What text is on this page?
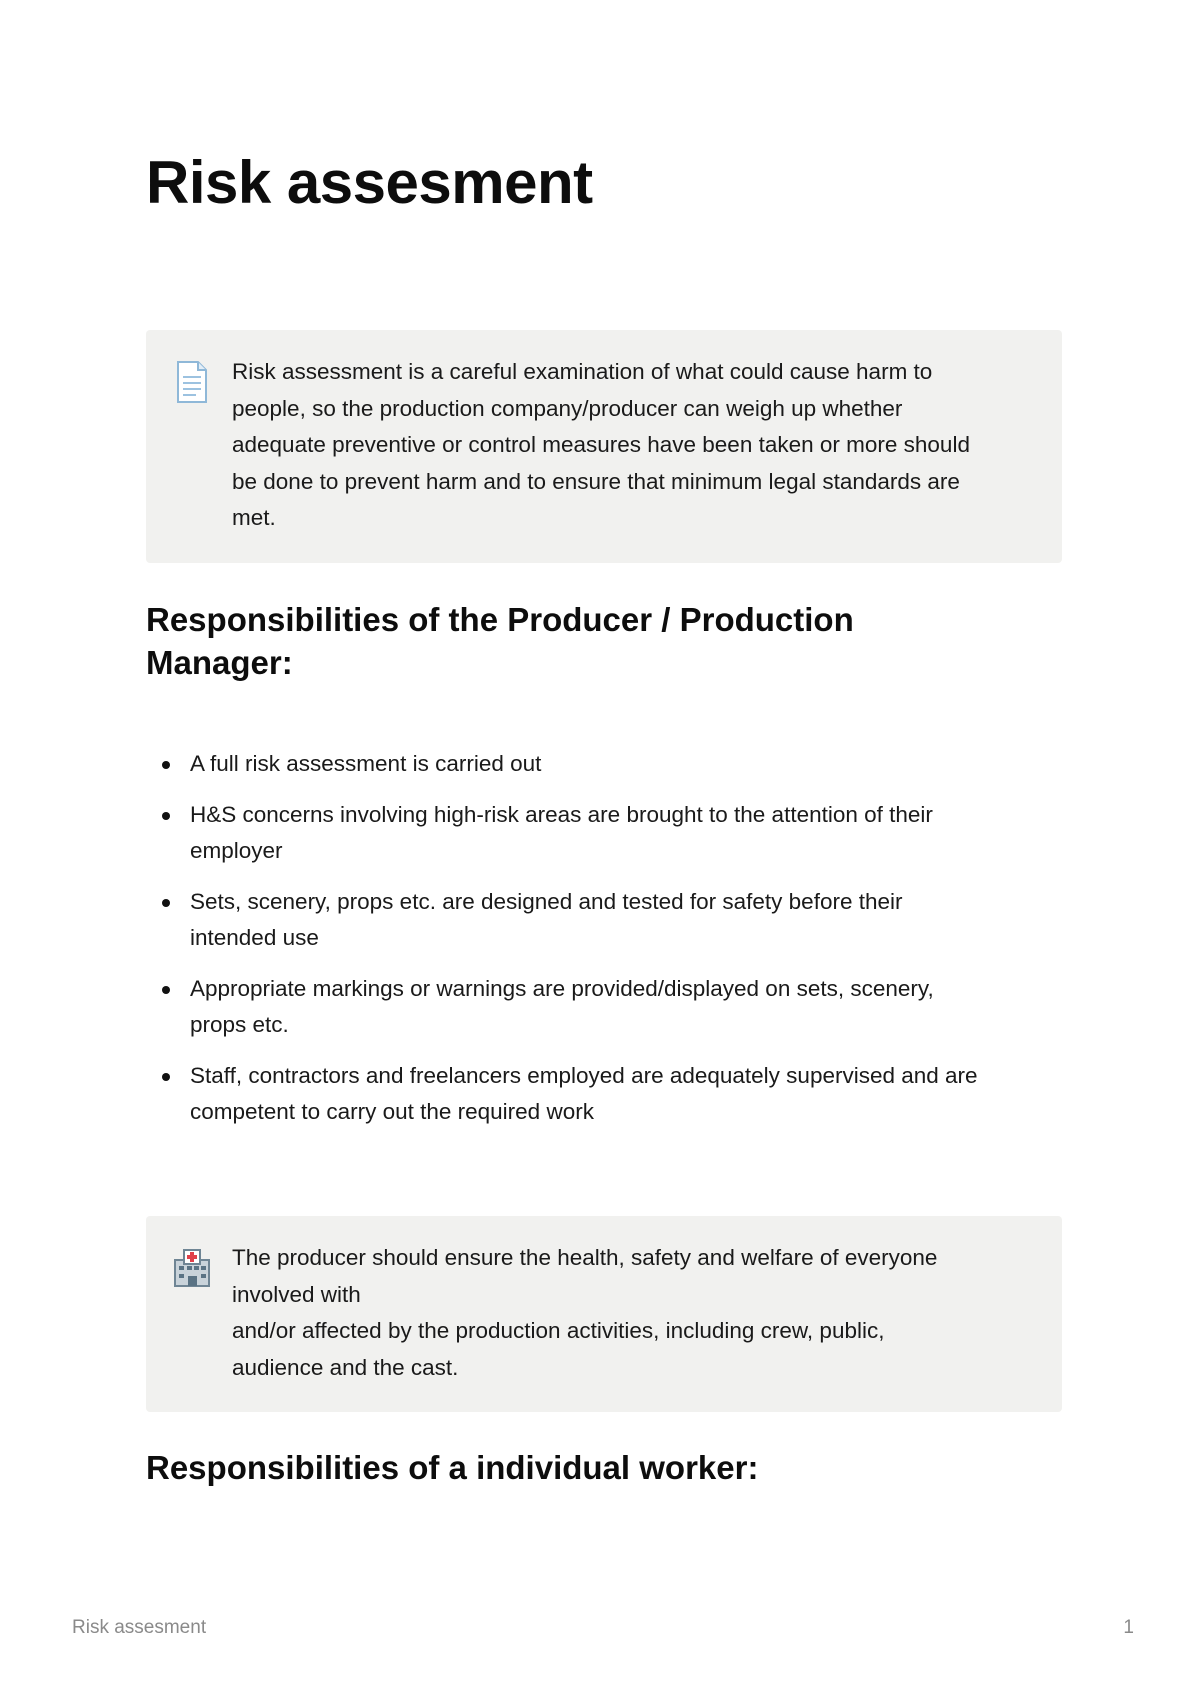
Risk assesment
Risk assessment is a careful examination of what could cause harm to
people, so the production company/producer can weigh up whether
adequate preventive or control measures have been taken or more should
be done to prevent harm and to ensure that minimum legal standards are
met.
Responsibilities of the Producer / Production
Manager:
A full risk assessment is carried out
H&S concerns involving high-risk areas are brought to the attention of their
employer
Sets, scenery, props etc. are designed and tested for safety before their
intended use
Appropriate markings or warnings are provided/displayed on sets, scenery,
props etc.
Staff, contractors and freelancers employed are adequately supervised and are
competent to carry out the required work
The producer should ensure the health, safety and welfare of everyone
involved with
and/or affected by the production activities, including crew, public,
audience and the cast.
Responsibilities of a individual worker:
Risk assesment	1
